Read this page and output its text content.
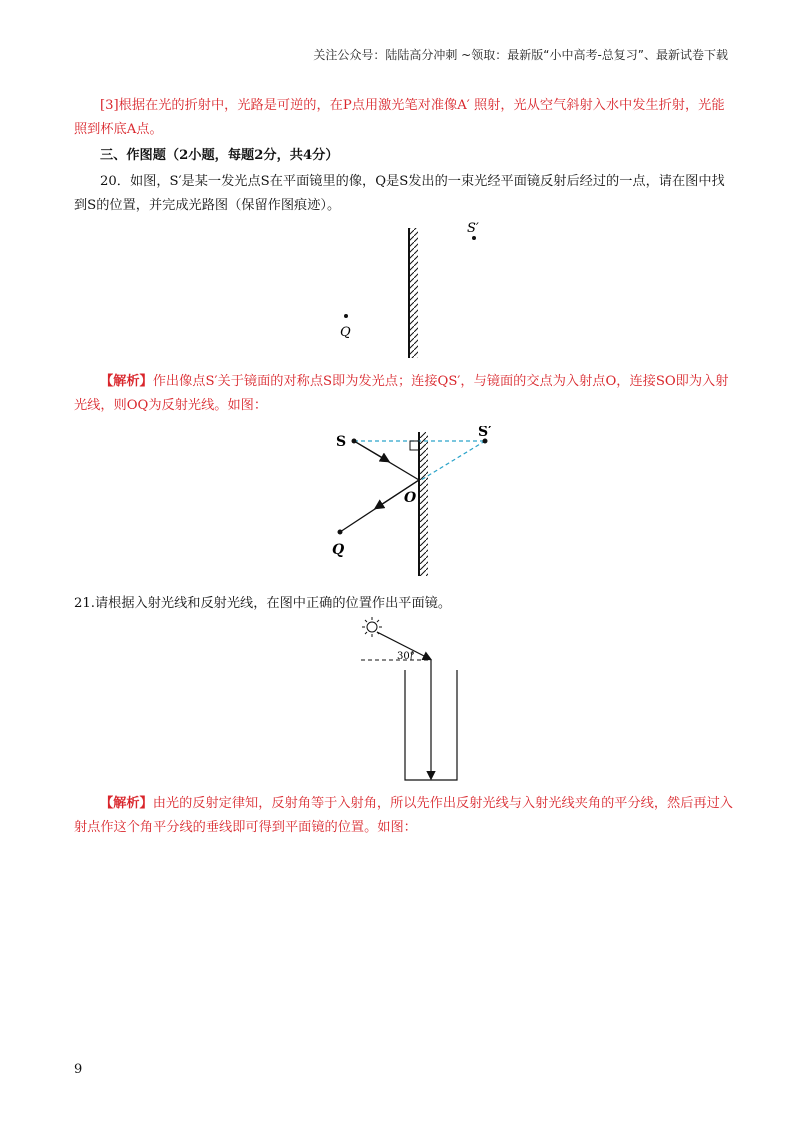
关注公众号：陆陆高分冲刺 ~领取：最新版“小中高考-总复习”、最新试卷下载

[3]根据在光的折射中，光路是可逆的，在P点用激光笔对准像A′ 照射，光从空气斜射入水中发生折射，光能照到杯底A点。

三、作图题（2小题，每题2分，共4分）

20．如图，S′是某一发光点S在平面镜里的像，Q是S发出的一束光经平面镜反射后经过的一点，请在图中找到S的位置，并完成光路图（保留作图痕迹）。

S′
Q

【解析】作出像点S′关于镜面的对称点S即为发光点；连接QS′，与镜面的交点为入射点O，连接SO即为入射光线，则OQ为反射光线。如图：

S
S′
O
Q

21.请根据入射光线和反射光线，在图中正确的位置作出平面镜。

30°

【解析】由光的反射定律知，反射角等于入射角，所以先作出反射光线与入射光线夹角的平分线，然后再过入射点作这个角平分线的垂线即可得到平面镜的位置。如图：

9
